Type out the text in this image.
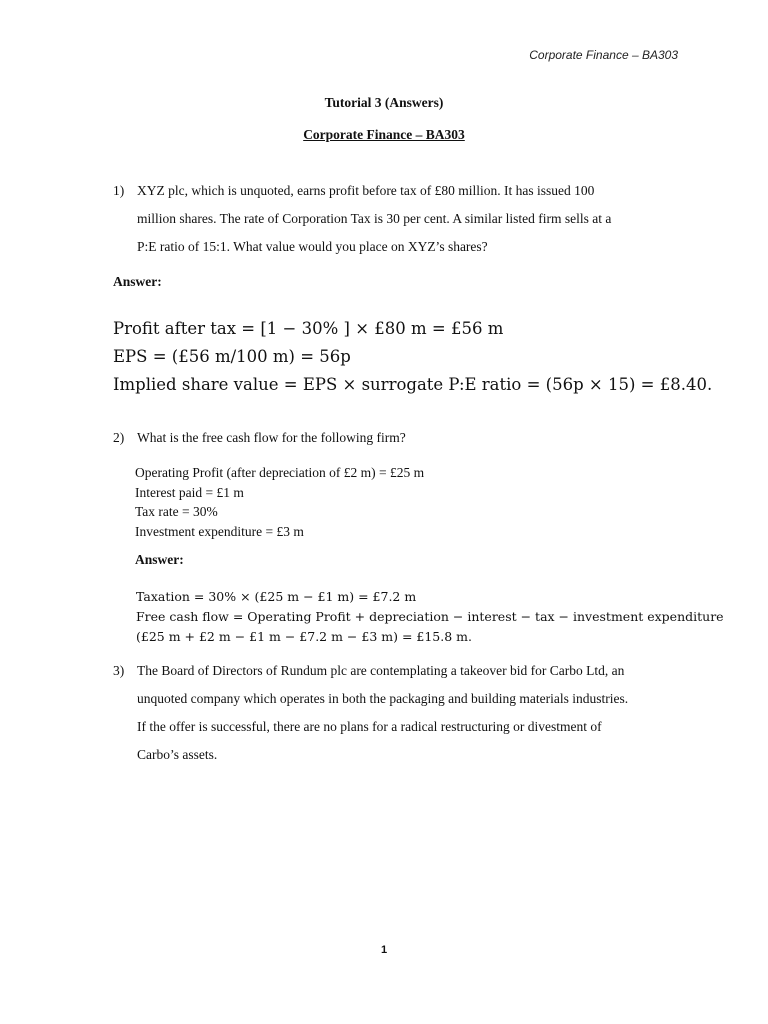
Corporate Finance – BA303
Tutorial 3 (Answers)
Corporate Finance – BA303
1) XYZ plc, which is unquoted, earns profit before tax of £80 million. It has issued 100
million shares. The rate of Corporation Tax is 30 per cent. A similar listed firm sells at a
P:E ratio of 15:1. What value would you place on XYZ’s shares?
Answer:
Profit after tax = [1 − 30% ] × £80 m = £56 m
EPS = (£56 m/100 m) = 56p
Implied share value = EPS × surrogate P:E ratio = (56p × 15) = £8.40.
2) What is the free cash flow for the following firm?
Operating Profit (after depreciation of £2 m) = £25 m
Interest paid = £1 m
Tax rate = 30%
Investment expenditure = £3 m
Answer:
Taxation = 30% × (£25 m − £1 m) = £7.2 m
Free cash flow = Operating Profit + depreciation − interest − tax − investment expenditure
(£25 m + £2 m − £1 m − £7.2 m − £3 m) = £15.8 m.
3) The Board of Directors of Rundum plc are contemplating a takeover bid for Carbo Ltd, an
unquoted company which operates in both the packaging and building materials industries.
If the offer is successful, there are no plans for a radical restructuring or divestment of
Carbo’s assets.
1
